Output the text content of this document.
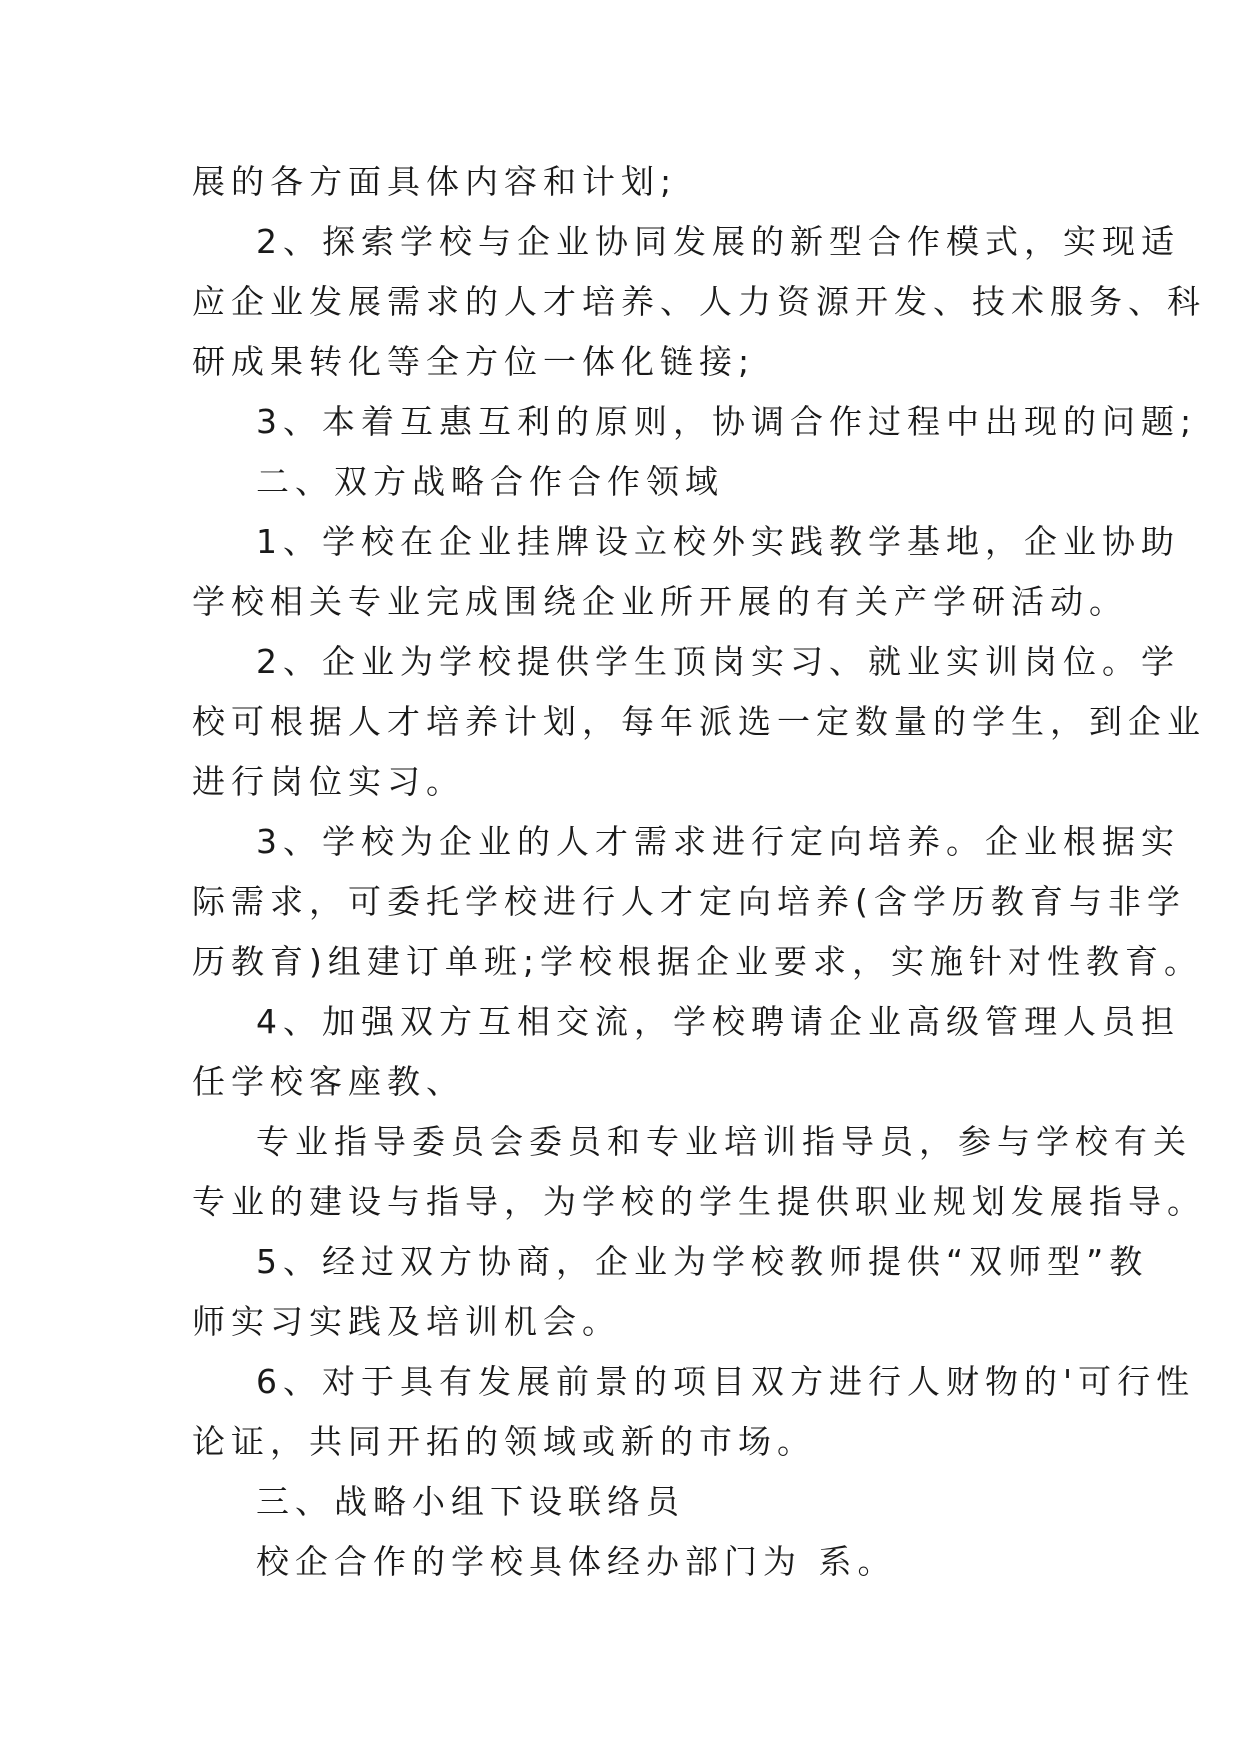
展的各方面具体内容和计划;

2、探索学校与企业协同发展的新型合作模式，实现适

应企业发展需求的人才培养、人力资源开发、技术服务、科

研成果转化等全方位一体化链接;

3、本着互惠互利的原则，协调合作过程中出现的问题;

二、双方战略合作合作领域

1、学校在企业挂牌设立校外实践教学基地，企业协助

学校相关专业完成围绕企业所开展的有关产学研活动。

2、企业为学校提供学生顶岗实习、就业实训岗位。学

校可根据人才培养计划，每年派选一定数量的学生，到企业

进行岗位实习。

3、学校为企业的人才需求进行定向培养。企业根据实

际需求，可委托学校进行人才定向培养(含学历教育与非学

历教育)组建订单班;学校根据企业要求，实施针对性教育。

4、加强双方互相交流，学校聘请企业高级管理人员担

任学校客座教、

专业指导委员会委员和专业培训指导员，参与学校有关

专业的建设与指导，为学校的学生提供职业规划发展指导。

5、经过双方协商，企业为学校教师提供“双师型”教

师实习实践及培训机会。

6、对于具有发展前景的项目双方进行人财物的'可行性

论证，共同开拓的领域或新的市场。

三、战略小组下设联络员

校企合作的学校具体经办部门为 系。
